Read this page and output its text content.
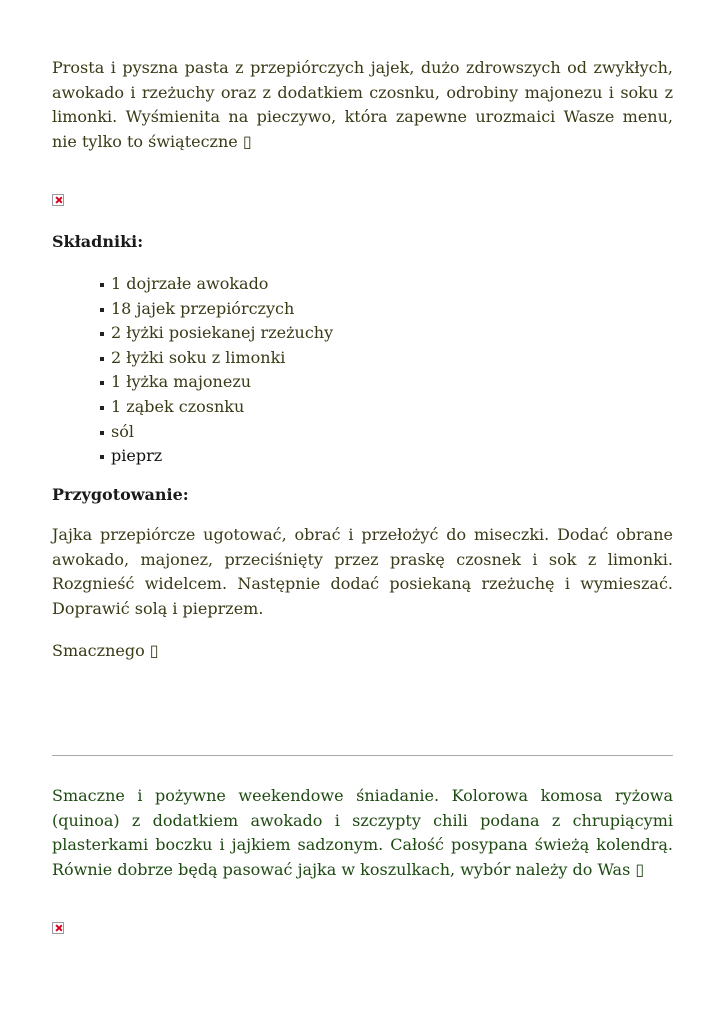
Prosta i pyszna pasta z przepiórczych jajek, dużo zdrowszych od zwykłych, awokado i rzeżuchy oraz z dodatkiem czosnku, odrobiny majonezu i soku z limonki. Wyśmienita na pieczywo, która zapewne urozmaici Wasze menu, nie tylko to świąteczne ▯

Składniki:
1 dojrzałe awokado
18 jajek przepiórczych
2 łyżki posiekanej rzeżuchy
2 łyżki soku z limonki
1 łyżka majonezu
1 ząbek czosnku
sól
pieprz
Przygotowanie:

Jajka przepiórcze ugotować, obrać i przełożyć do miseczki. Dodać obrane awokado, majonez, przeciśnięty przez praskę czosnek i sok z limonki. Rozgnieść widelcem. Następnie dodać posiekaną rzeżuchę i wymieszać. Doprawić solą i pieprzem.

Smacznego ▯

Smaczne i pożywne weekendowe śniadanie. Kolorowa komosa ryżowa (quinoa) z dodatkiem awokado i szczypty chili podana z chrupiącymi plasterkami boczku i jajkiem sadzonym. Całość posypana świeżą kolendrą. Równie dobrze będą pasować jajka w koszulkach, wybór należy do Was ▯
